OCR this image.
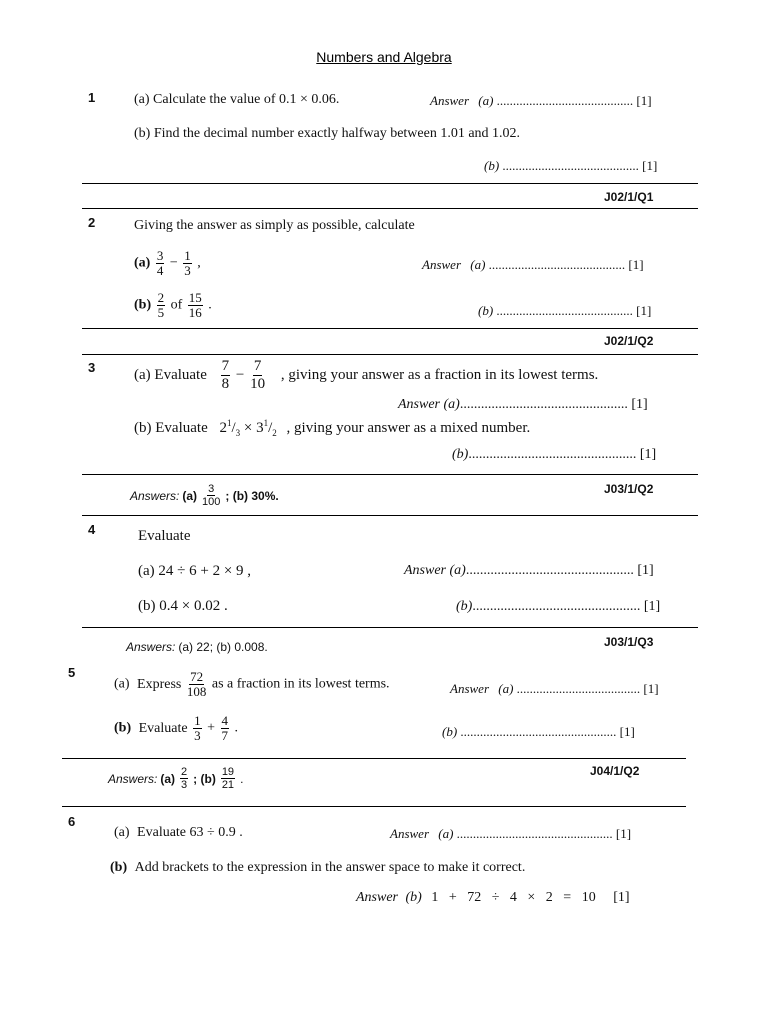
Numbers and Algebra
1	(a) Calculate the value of 0.1 × 0.06.	Answer (a) .......................................... [1]
(b) Find the decimal number exactly halfway between 1.01 and 1.02.
(b) .......................................... [1]
J02/1/Q1
2	Giving the answer as simply as possible, calculate
$(a) \frac{3}{4} - \frac{1}{3}$ ,	Answer (a) .......................................... [1]
$(b) \frac{2}{5}$ of $\frac{15}{16}$ .	(b) .......................................... [1]
J02/1/Q2
3	(a) Evaluate $\frac{7}{8} - \frac{7}{10}$ , giving your answer as a fraction in its lowest terms.
Answer (a)................................................ [1]
(b) Evaluate $2^1/_3 \times 3^1/_2$ , giving your answer as a mixed number.
(b)................................................ [1]
Answers: $(a) \frac{3}{100}$ ; (b) 30%.	J03/1/Q2
4	Evaluate
(a) 24 ÷ 6 + 2 × 9 ,	Answer (a)................................................ [1]
(b) 0.4 × 0.02 .	(b)................................................ [1]
Answers: (a) 22; (b) 0.008.	J03/1/Q3
5
(a) Express $\frac{72}{108}$ as a fraction in its lowest terms.	Answer (a) ...................................... [1]
(b) Evaluate $\frac{1}{3} + \frac{4}{7}$ .	(b) ................................................ [1]
Answers: $(a) \frac{2}{3}$ ; $(b) \frac{19}{21}$ .
J04/1/Q2
6
(a) Evaluate 63 ÷ 0.9 .	Answer (a) ................................................ [1]
(b) Add brackets to the expression in the answer space to make it correct.
Answer (b) 1   +   72   ÷   4   ×   2   =   10 [1]
